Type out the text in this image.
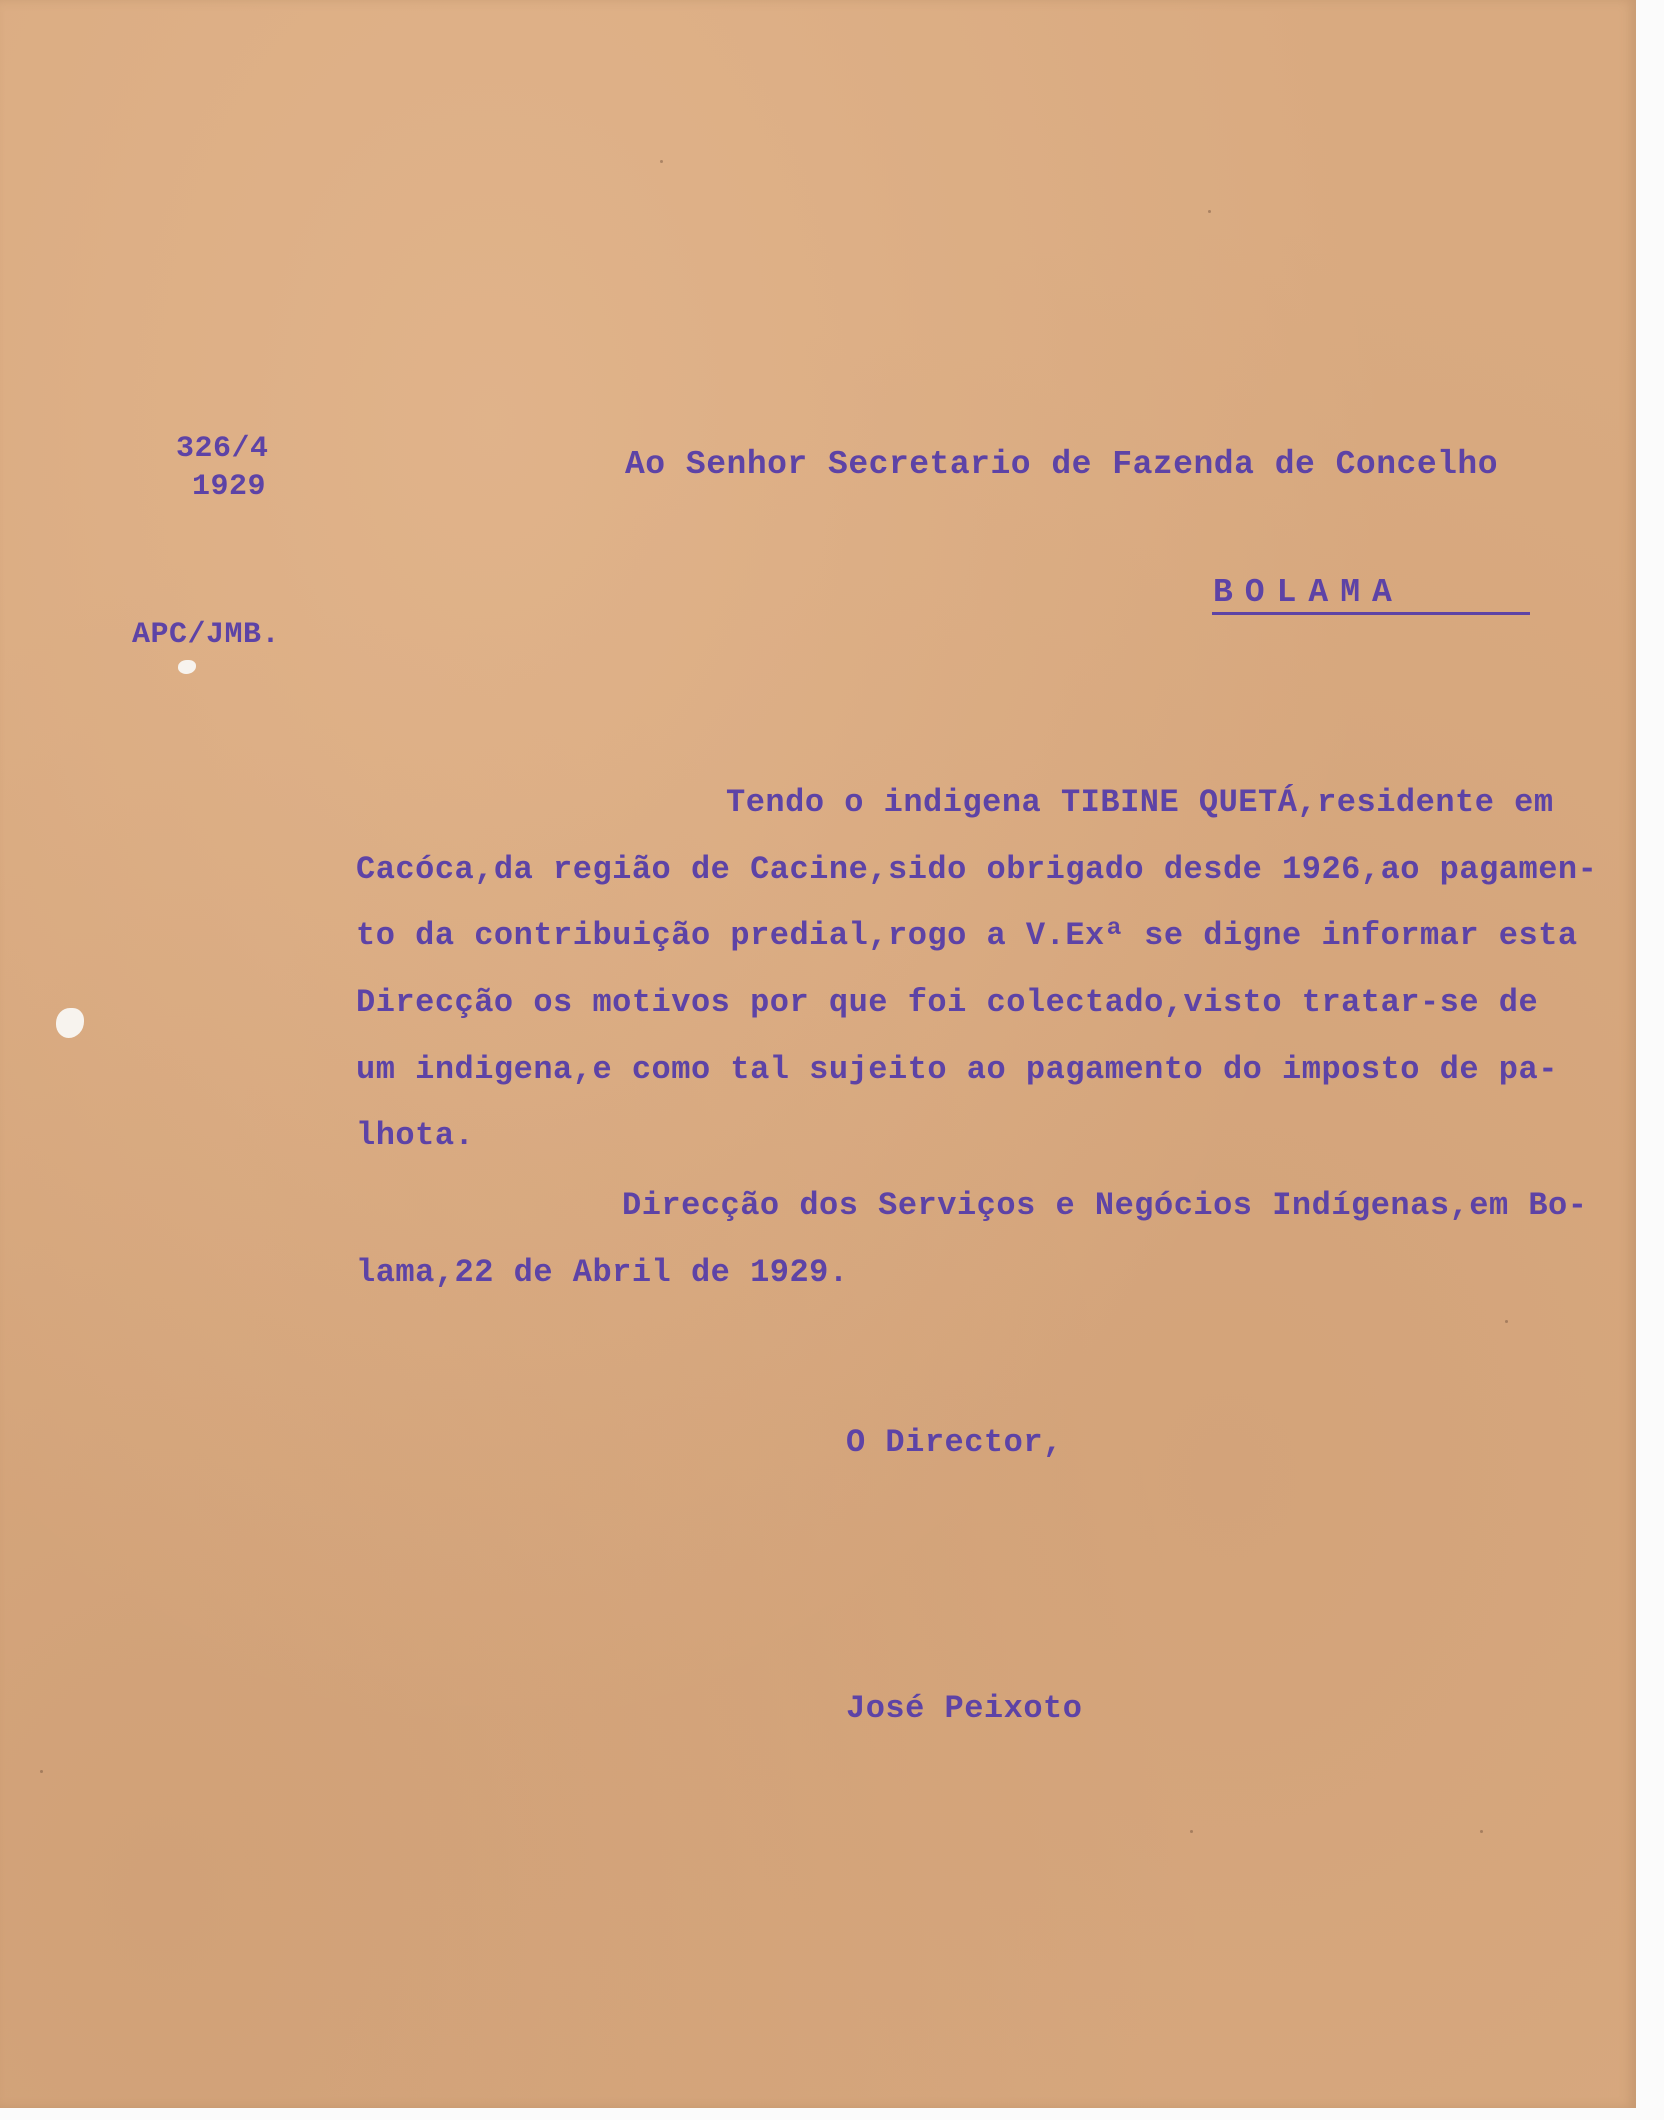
326/4

1929

APC/JMB.

Ao Senhor Secretario de Fazenda de Concelho

BOLAMA

Tendo o indigena TIBINE QUETÁ,residente em

Cacóca,da região de Cacine,sido obrigado desde 1926,ao pagamen-

to da contribuição predial,rogo a V.Exª se digne informar esta

Direcção os motivos por que foi colectado,visto tratar-se de

um indigena,e como tal sujeito ao pagamento do imposto de pa-

lhota.

Direcção dos Serviços e Negócios Indígenas,em Bo-

lama,22 de Abril de 1929.

O Director,

José Peixoto
